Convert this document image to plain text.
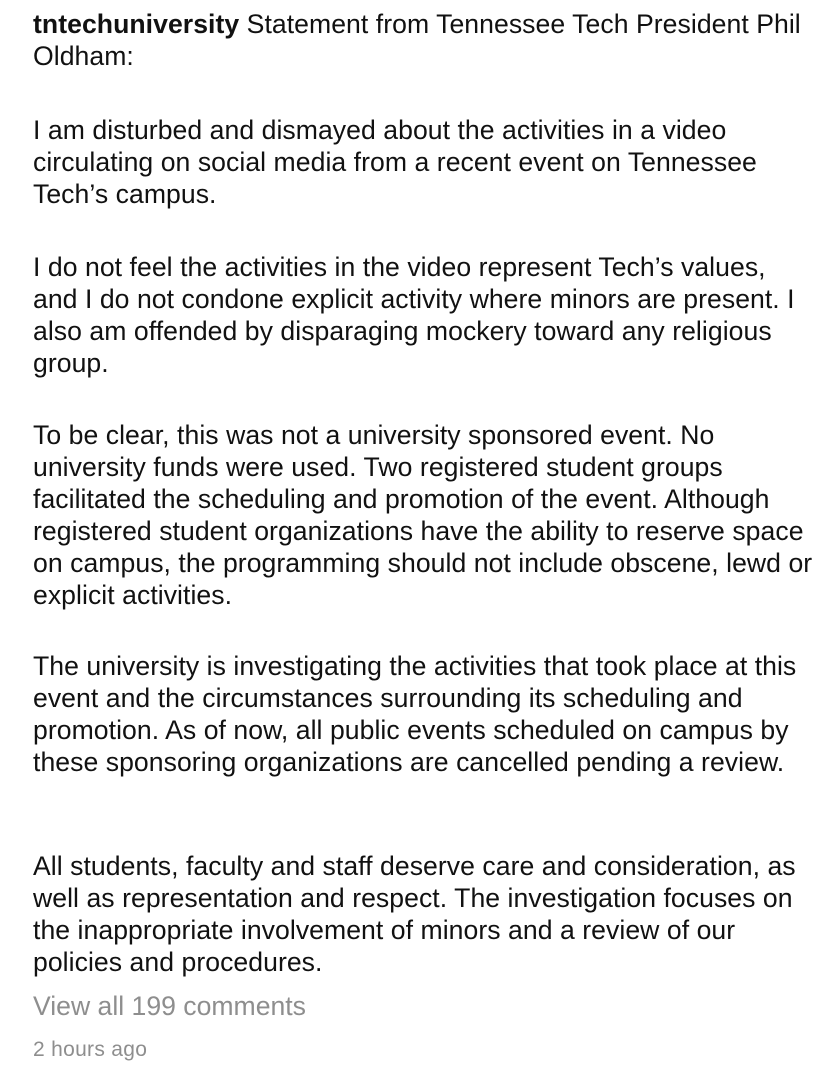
tntechuniversity Statement from Tennessee Tech President Phil Oldham:

I am disturbed and dismayed about the activities in a video circulating on social media from a recent event on Tennessee Tech’s campus.

I do not feel the activities in the video represent Tech’s values, and I do not condone explicit activity where minors are present. I also am offended by disparaging mockery toward any religious group.

To be clear, this was not a university sponsored event. No university funds were used. Two registered student groups facilitated the scheduling and promotion of the event. Although registered student organizations have the ability to reserve space on campus, the programming should not include obscene, lewd or explicit activities.

The university is investigating the activities that took place at this event and the circumstances surrounding its scheduling and promotion. As of now, all public events scheduled on campus by these sponsoring organizations are cancelled pending a review.

All students, faculty and staff deserve care and consideration, as well as representation and respect. The investigation focuses on the inappropriate involvement of minors and a review of our policies and procedures.

View all 199 comments
2 hours ago
